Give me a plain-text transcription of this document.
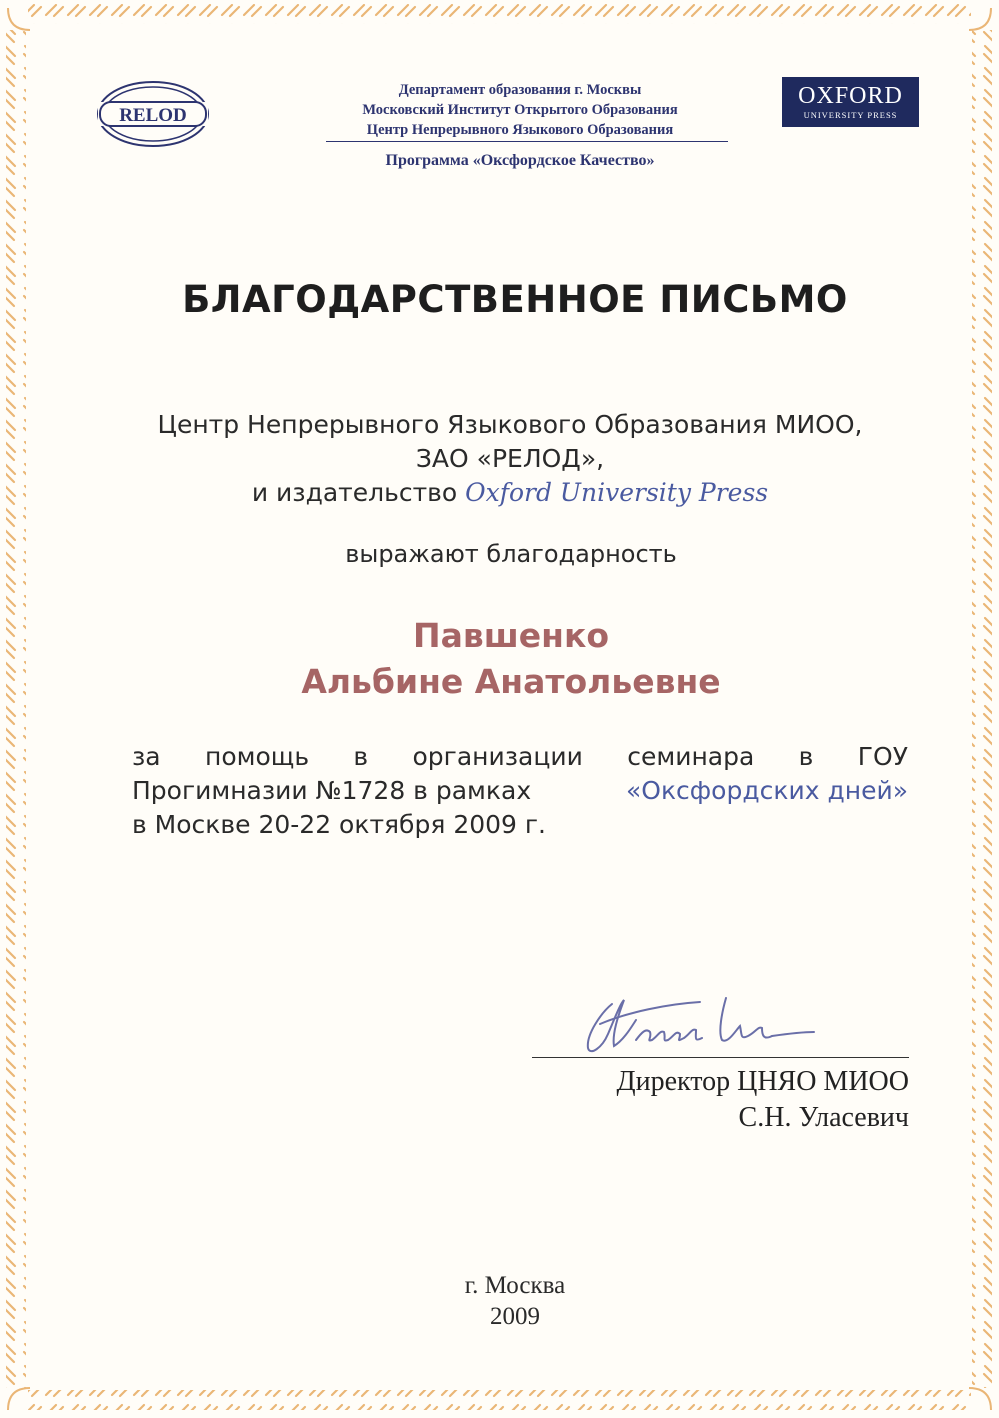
RELOD
Департамент образования г. Москвы
Московский Институт Открытого Образования
Центр Непрерывного Языкового Образования
Программа «Оксфордское Качество»
OXFORD
UNIVERSITY PRESS
БЛАГОДАРСТВЕННОЕ ПИСЬМО
Центр Непрерывного Языкового Образования МИОО,
ЗАО «РЕЛОД»,
и издательство Oxford University Press
выражают благодарность
Павшенко
Альбине Анатольевне
за помощь в организации семинара в ГОУ
Прогимназии №1728 в рамках	«Оксфордских дней»
в Москве 20-22 октября 2009 г.
Директор ЦНЯО МИОО
С.Н. Уласевич
г. Москва
2009
